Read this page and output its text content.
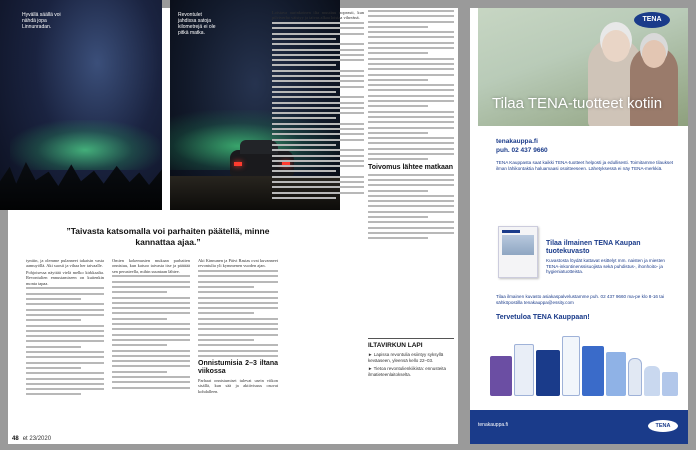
Hyvällä säällä voi nähdä jopa Linnunradan.
Revontulet jahdissa satoja kilometrejä ei ole pitkä matka.
”Taivasta katsomalla voi parhaiten päätellä, minne kannattaa ajaa.”

tyntiin, ja olemme pulanneet takaisin vasta aamuyöllä. Aki suosii ja vihaa her taivaalle.

Pohjoisessa näyttää vielä melko kirkkaalta. Revontulien ennustamiseen on kuitenkin monta tapaa.

Omien kokemusten mukaan parhaiten onnistuu, kun katsoo taivasta itse ja päättää sen perusteella, mihin suuntaan lähtee.

Aki Kinnunen ja Päivi Rastas ovat kuvanneet revontulia yli kymmenen vuoden ajan.

Onnistumisia 2–3 iltana viikossa

Parhaat onnistumiset tulevat usein viikon sisällä, kun sää ja aktiivisuus osuvat kohdalleen.

Loistava aurinkoinen ilta muuttuu nopeasti, kun pilviverho väistyy ja taivas alkaa loistaa vihreänä.

Toivomus lähtee matkaan
ILTAVIRKUN LAPI
► Lapissa revontulia esiintyy syksyllä keväaseen, yleensä kello 22–03.
► Tietoa revontulienkiikista: ennusteita ilmatieteenlaitokselta.
48 et 23/2020
TENA
Tilaa TENA-tuotteet kotiin
tenakauppa.fi
puh. 02 437 9660
TENA Kauppasta saat kaikki TENA-tuotteet helposti ja edullisesti. Toimitamme tilaukset ilman lähikontaktia haluamaasi osoitteeseen. Lähetyksessä ei näy TENA-merkkiä.
Tilaa ilmainen TENA Kaupan tuotekuvasto
Kuvastosta löydät kattavat esittelyt mm. naisten ja miesten TENA-inkontinenssisuojista sekä puhdistus-, ihonhoito- ja hygieniatuotteista.
Tilaa ilmainen kuvasto asiakaspalvelustamme puh. 02 437 9660 ma-pe klo 8-16 tai sähköpostilla tenakauppa@essity.com
Tervetuloa TENA Kauppaan!
tenakauppa.fi	TENA
